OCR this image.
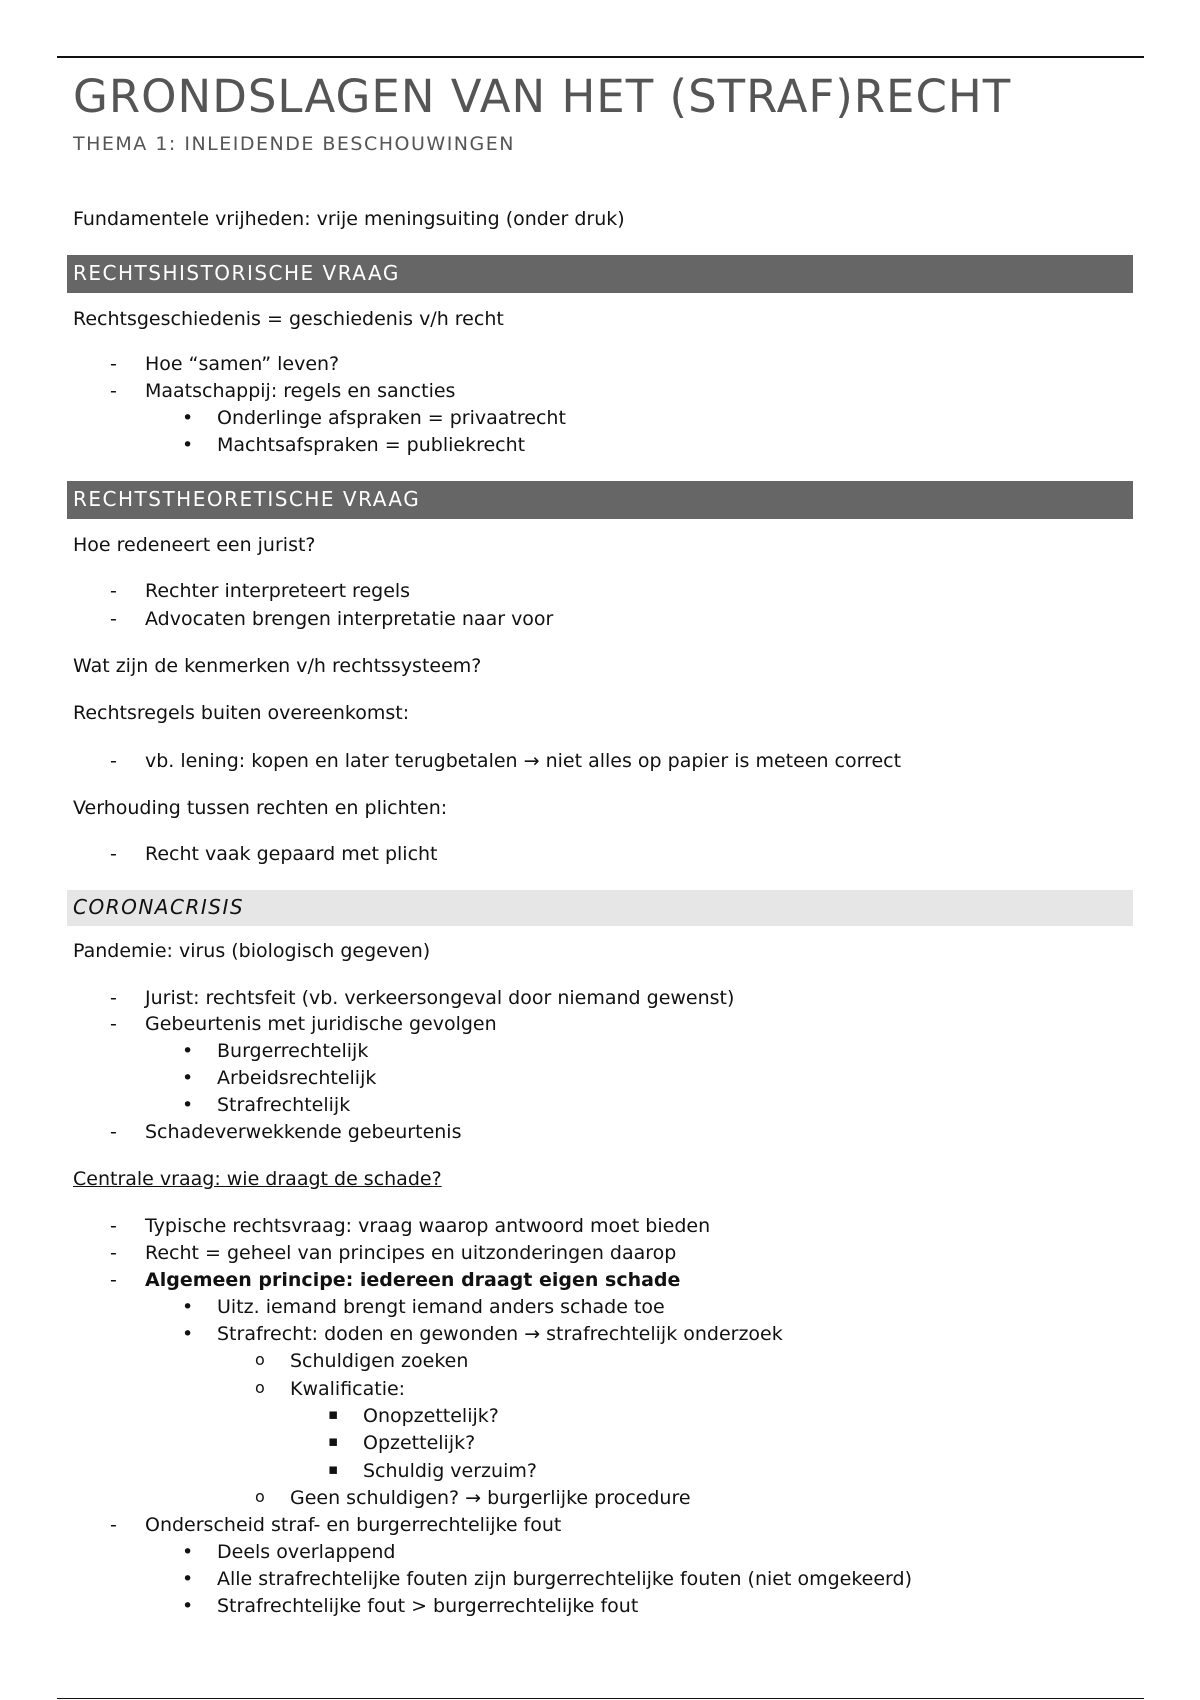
GRONDSLAGEN VAN HET (STRAF)RECHT
THEMA 1: INLEIDENDE BESCHOUWINGEN

Fundamentele vrijheden: vrije meningsuiting (onder druk)

RECHTSHISTORISCHE VRAAG

Rechtsgeschiedenis = geschiedenis v/h recht

- Hoe “samen” leven?
- Maatschappij: regels en sancties
• Onderlinge afspraken = privaatrecht
• Machtsafspraken = publiekrecht
RECHTSTHEORETISCHE VRAAG

Hoe redeneert een jurist?

- Rechter interpreteert regels
- Advocaten brengen interpretatie naar voor

Wat zijn de kenmerken v/h rechtssysteem?

Rechtsregels buiten overeenkomst:

- vb. lening: kopen en later terugbetalen → niet alles op papier is meteen correct

Verhouding tussen rechten en plichten:

- Recht vaak gepaard met plicht
CORONACRISIS

Pandemie: virus (biologisch gegeven)

- Jurist: rechtsfeit (vb. verkeersongeval door niemand gewenst)
- Gebeurtenis met juridische gevolgen
• Burgerrechtelijk
• Arbeidsrechtelijk
• Strafrechtelijk
- Schadeverwekkende gebeurtenis

Centrale vraag: wie draagt de schade?

- Typische rechtsvraag: vraag waarop antwoord moet bieden
- Recht = geheel van principes en uitzonderingen daarop
- Algemeen principe: iedereen draagt eigen schade
• Uitz. iemand brengt iemand anders schade toe
• Strafrecht: doden en gewonden → strafrechtelijk onderzoek
o Schuldigen zoeken
o Kwalificatie:
▪ Onopzettelijk?
▪ Opzettelijk?
▪ Schuldig verzuim?
o Geen schuldigen? → burgerlijke procedure
- Onderscheid straf- en burgerrechtelijke fout
• Deels overlappend
• Alle strafrechtelijke fouten zijn burgerrechtelijke fouten (niet omgekeerd)
• Strafrechtelijke fout > burgerrechtelijke fout
